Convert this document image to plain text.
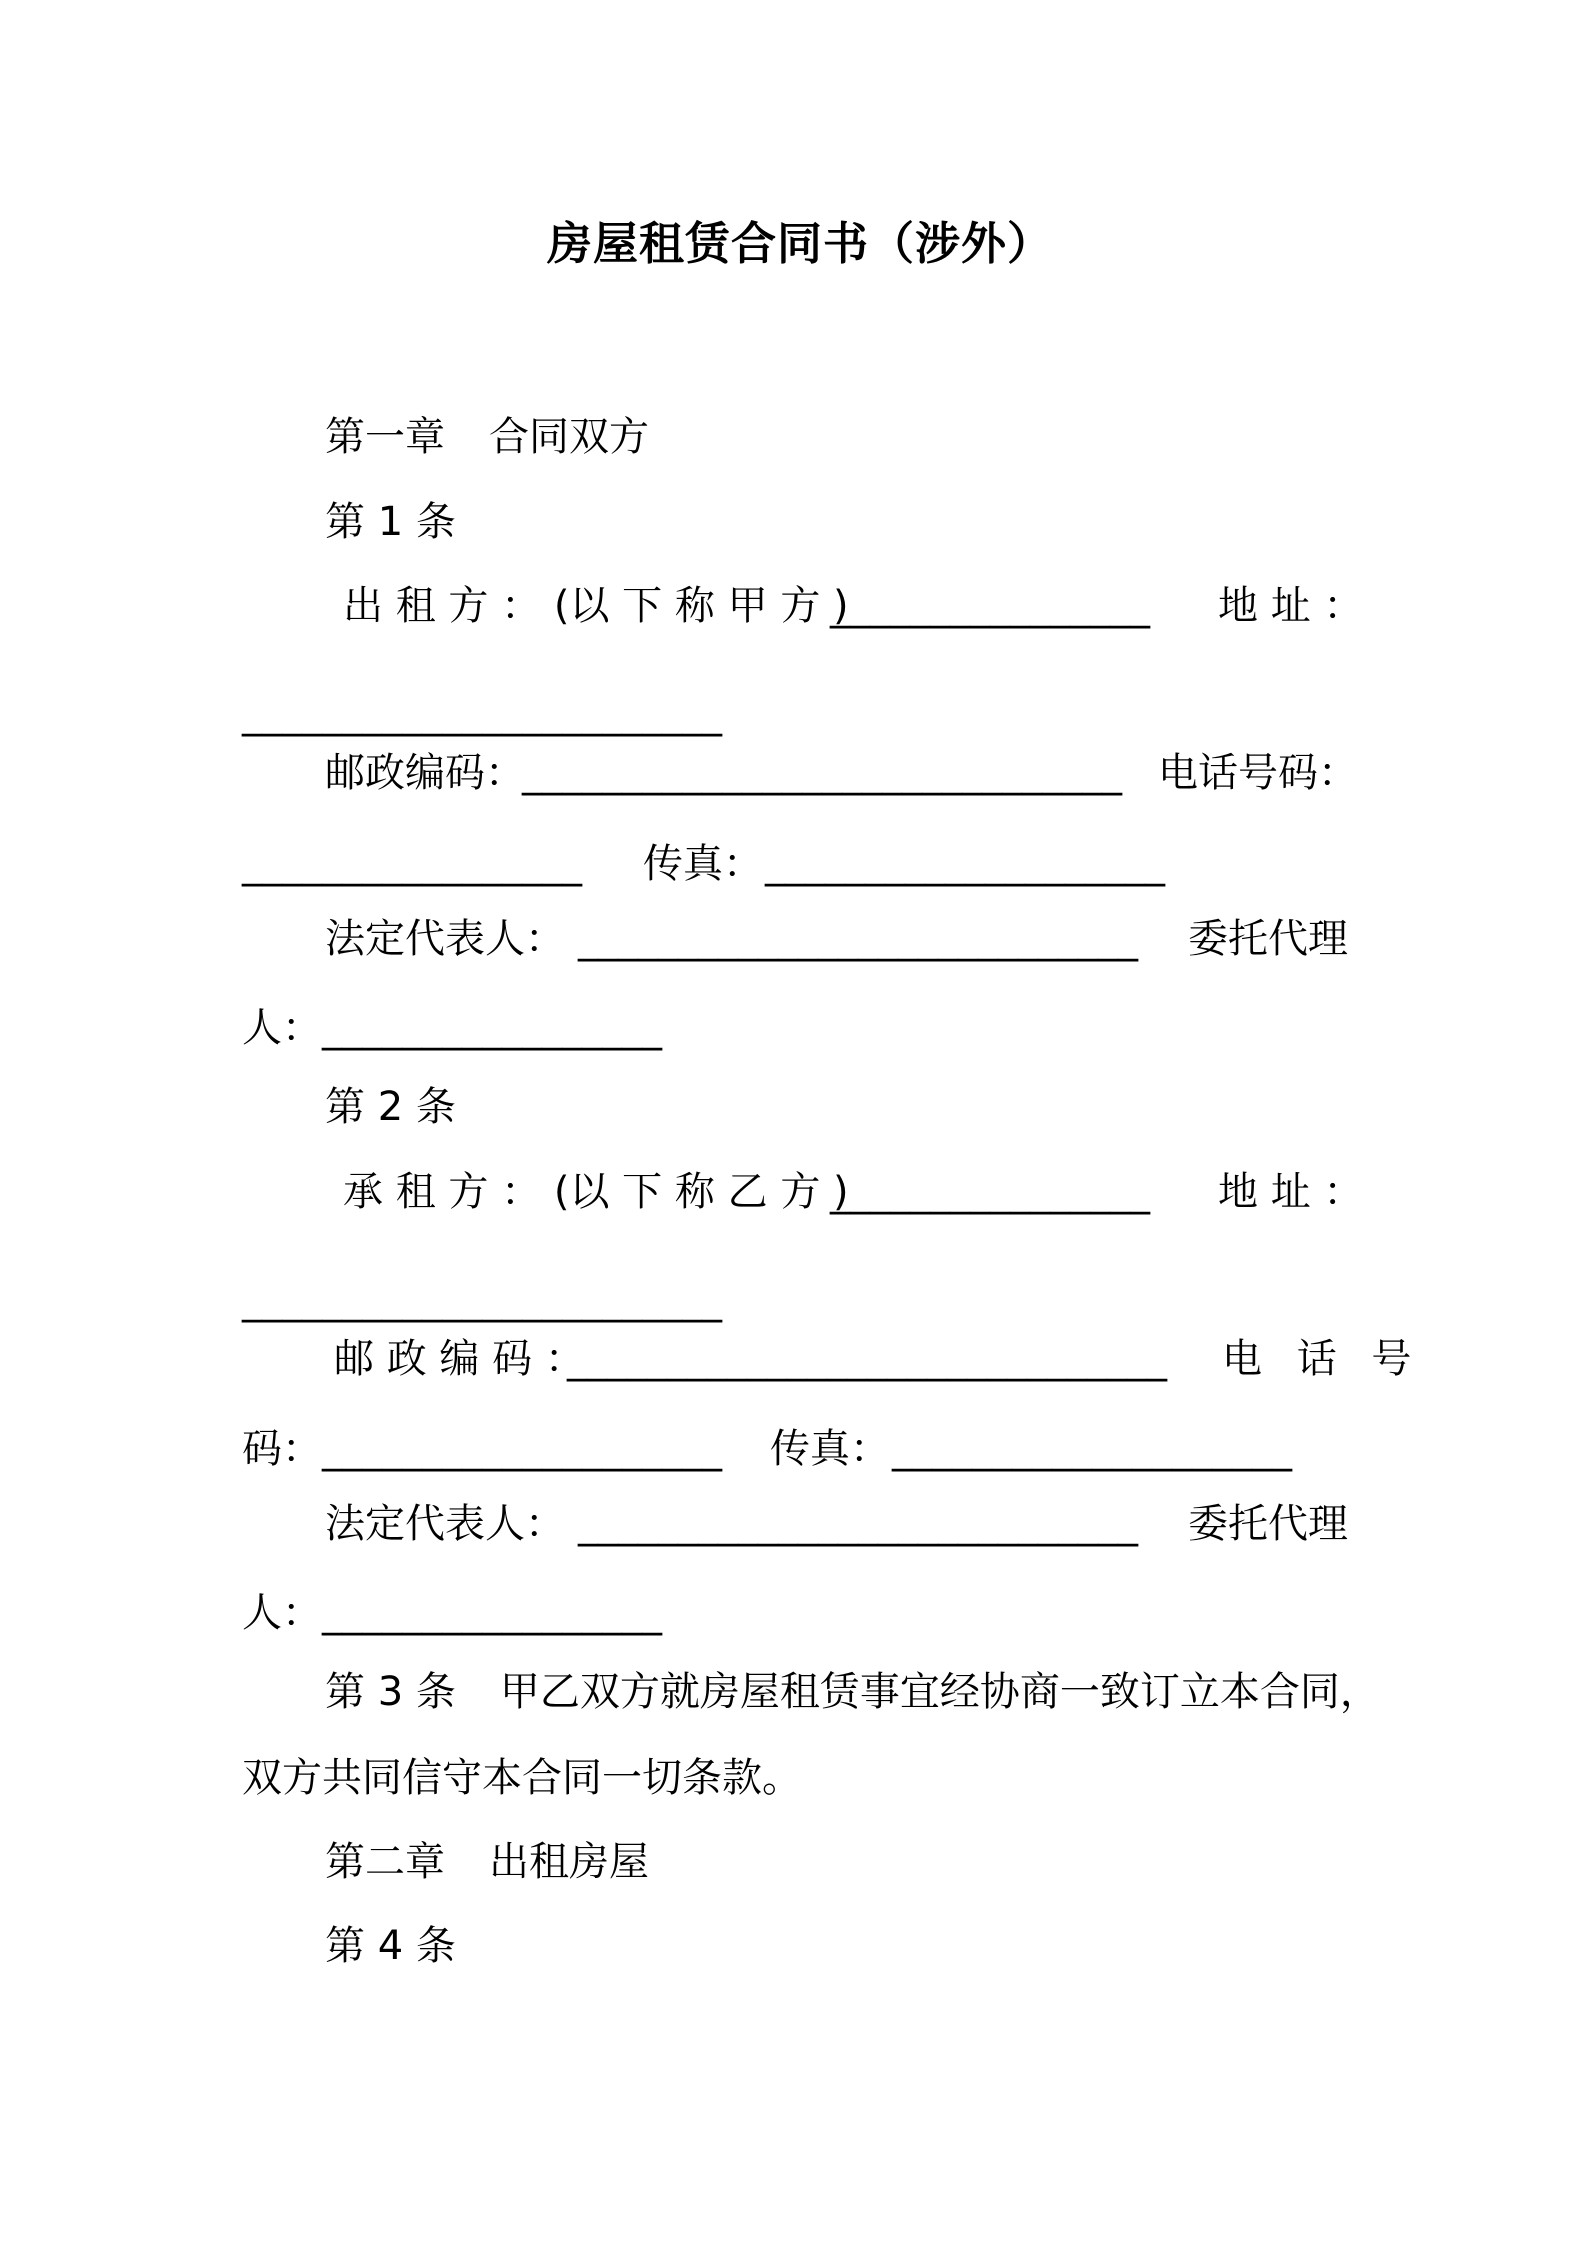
房屋租赁合同书（涉外）
第一章 合同双方
第 1 条
出 租 方 ： (以 下 称 甲 方 )
________________ 地 址 ：
________________________
邮政编码：
______________________________ 电话号码：
_________________ 传真： ____________________
法定代表人： ____________________________ 委托代理
人： _________________
第 2 条
承 租 方 ： (以 下 称 乙 方 )
________________ 地 址 ：
________________________
邮 政 编 码 ：
______________________________ 电 话 号
码： ____________________ 传真： ____________________
法定代表人： ____________________________ 委托代理
人： _________________
第 3 条 甲乙双方就房屋租赁事宜经协商一致订立本合同，
双方共同信守本合同一切条款。
第二章 出租房屋
第 4 条
